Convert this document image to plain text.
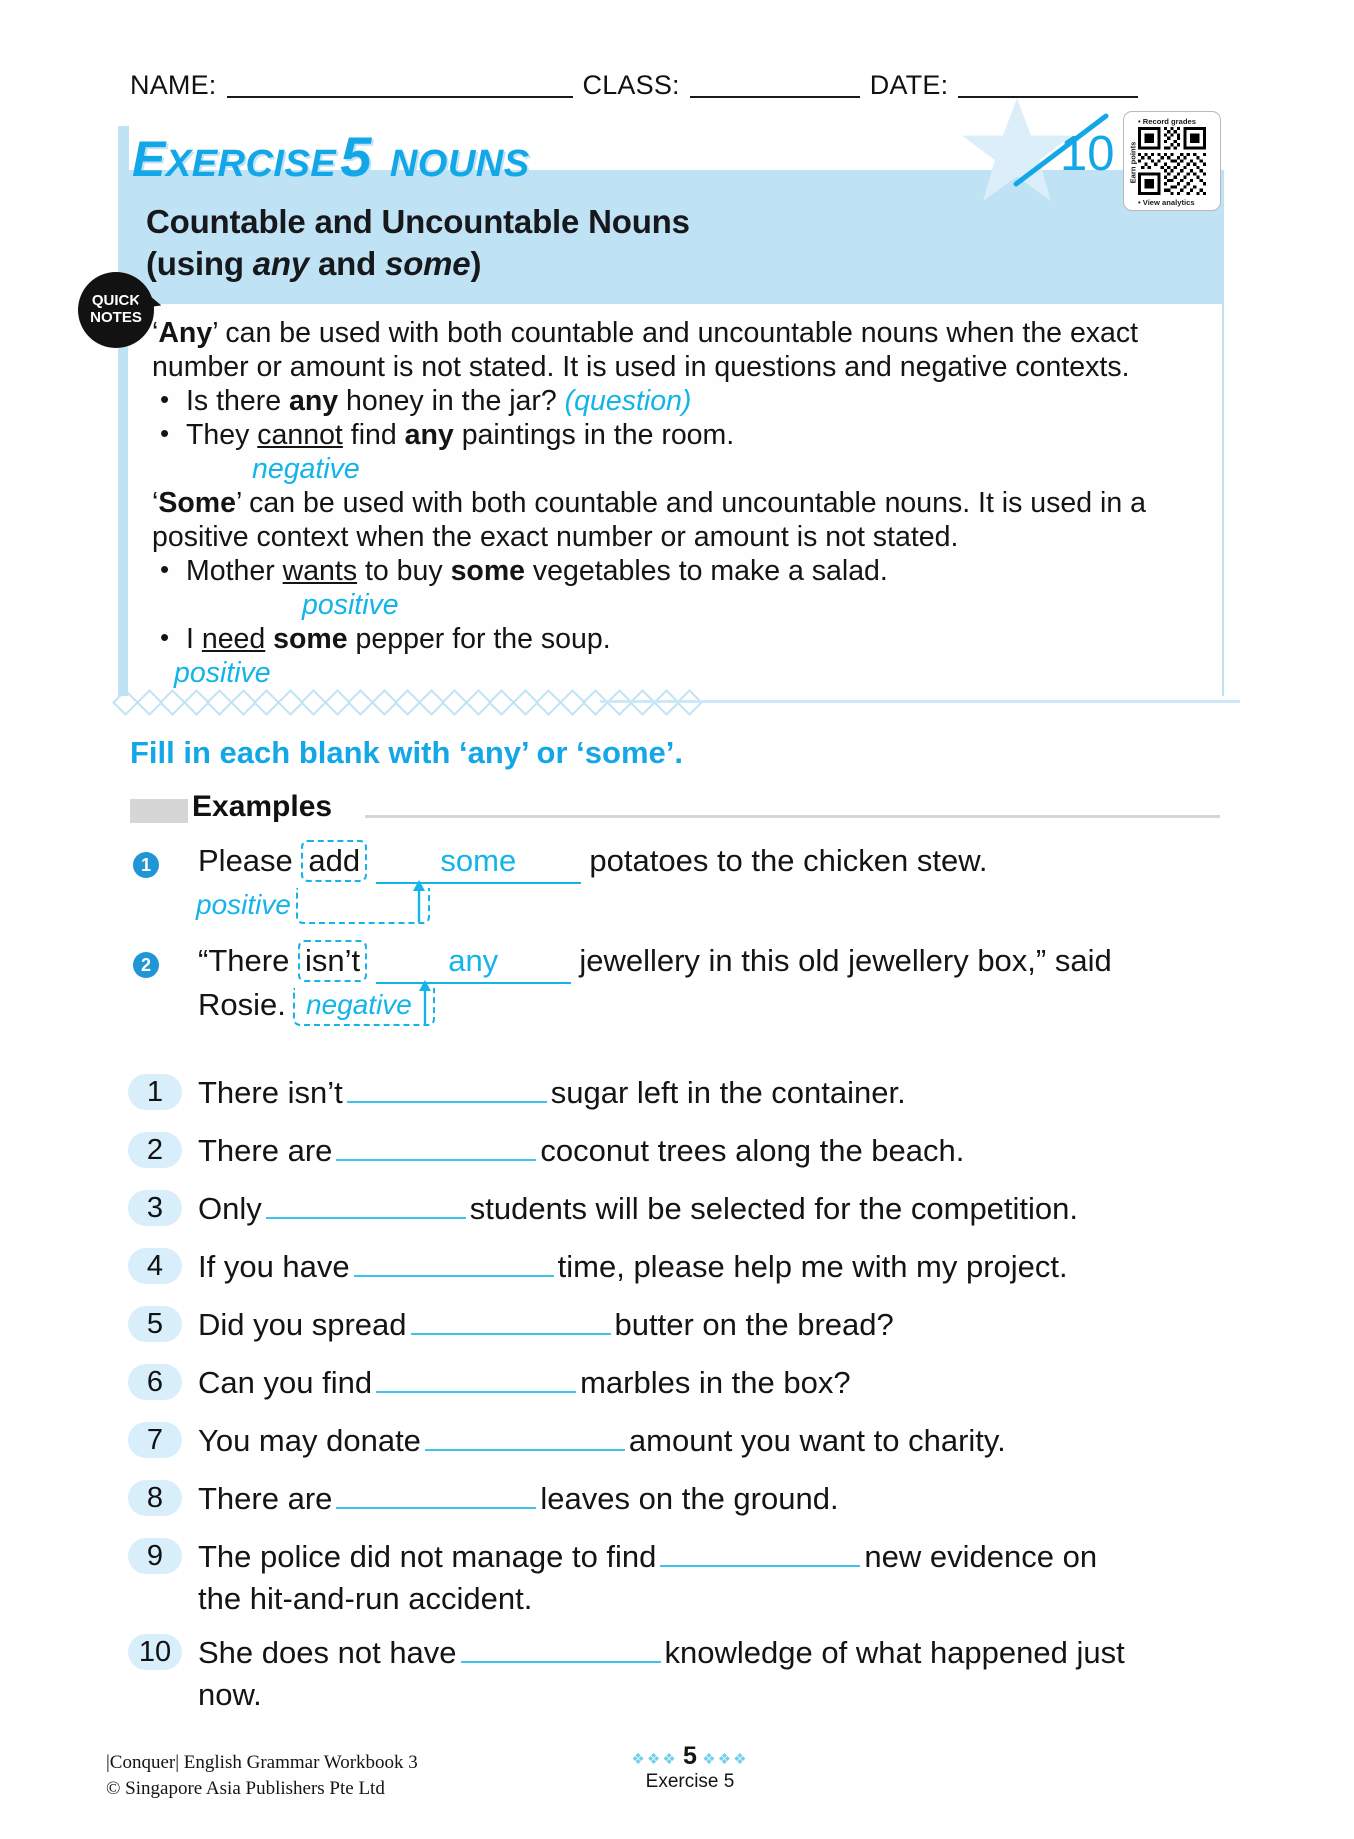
NAME:	CLASS:	DATE:
EXERCISE5 NOUNS
Countable and Uncountable Nouns
(using any and some)
10
• Record grades
Earn points
• View analytics
QUICK
NOTES ‘Any’ can be used with both countable and uncountable nouns when the exact number or amount is not stated. It is used in questions and negative contexts.

• Is there any honey in the jar? (question)

• They cannot find any paintings in the room.

negative

‘Some’ can be used with both countable and uncountable nouns. It is used in a positive context when the exact number or amount is not stated.

• Mother wants to buy some vegetables to make a salad.

positive

• I need some pepper for the soup.

positive

Fill in each blank with ‘any’ or ‘some’.
Examples
1 Please add	some potatoes to the chicken stew.
positive
2 “There isn’t	any	jewellery in this old jewellery box,” said
Rosie. negative
1	There isn’t	sugar left in the container.
2	There are	coconut trees along the beach.
3	Only	students will be selected for the competition.
4	If you have	time, please help me with my project.
5	Did you spread	butter on the bread?
6	Can you find	marbles in the box?
7	You may donate	amount you want to charity.
8	There are	leaves on the ground.
9	The police did not manage to find	new evidence on
the hit-and-run accident.
10 She does not have	knowledge of what happened just
now.
|Conquer| English Grammar Workbook 3
© Singapore Asia Publishers Pte Ltd
❖❖❖ 5 ❖❖❖
Exercise 5
